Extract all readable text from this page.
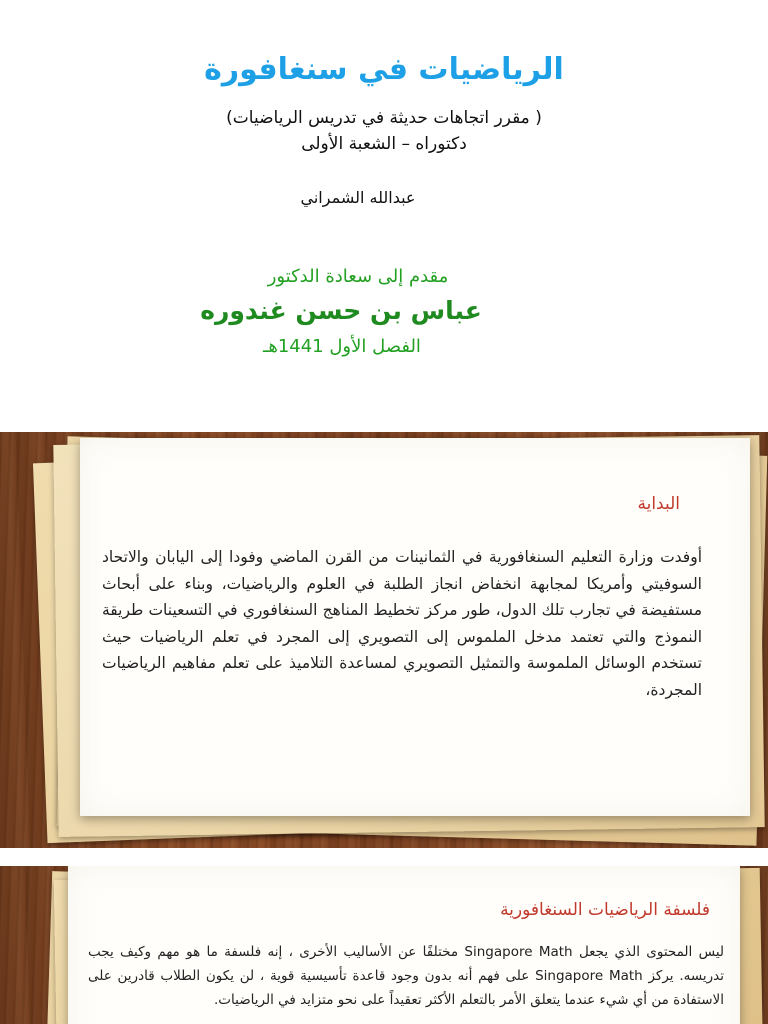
الرياضيات في سنغافورة
( مقرر اتجاهات حديثة في تدريس الرياضيات)
دكتوراه – الشعبة الأولى
عبدالله الشمراني
مقدم إلى سعادة الدكتور
عباس بن حسن غندوره
الفصل الأول 1441هـ
البداية
أوفدت وزارة التعليم السنغافورية في الثمانينات من القرن الماضي وفودا إلى اليابان والاتحاد السوفيتي وأمريكا لمجابهة انخفاض انجاز الطلبة في العلوم والرياضيات، وبناء على أبحاث مستفيضة في تجارب تلك الدول، طور مركز تخطيط المناهج السنغافوري في التسعينات طريقة النموذج والتي تعتمد مدخل الملموس إلى التصويري إلى المجرد في تعلم الرياضيات حيث تستخدم الوسائل الملموسة والتمثيل التصويري لمساعدة التلاميذ على تعلم مفاهيم الرياضيات المجردة،
فلسفة الرياضيات السنغافورية
ليس المحتوى الذي يجعل Singapore Math مختلفًا عن الأساليب الأخرى ، إنه فلسفة ما هو مهم وكيف يجب تدريسه. يركز Singapore Math على فهم أنه بدون وجود قاعدة تأسيسية قوية ، لن يكون الطلاب قادرين على الاستفادة من أي شيء عندما يتعلق الأمر بالتعلم الأكثر تعقيداً على نحو متزايد في الرياضيات.
